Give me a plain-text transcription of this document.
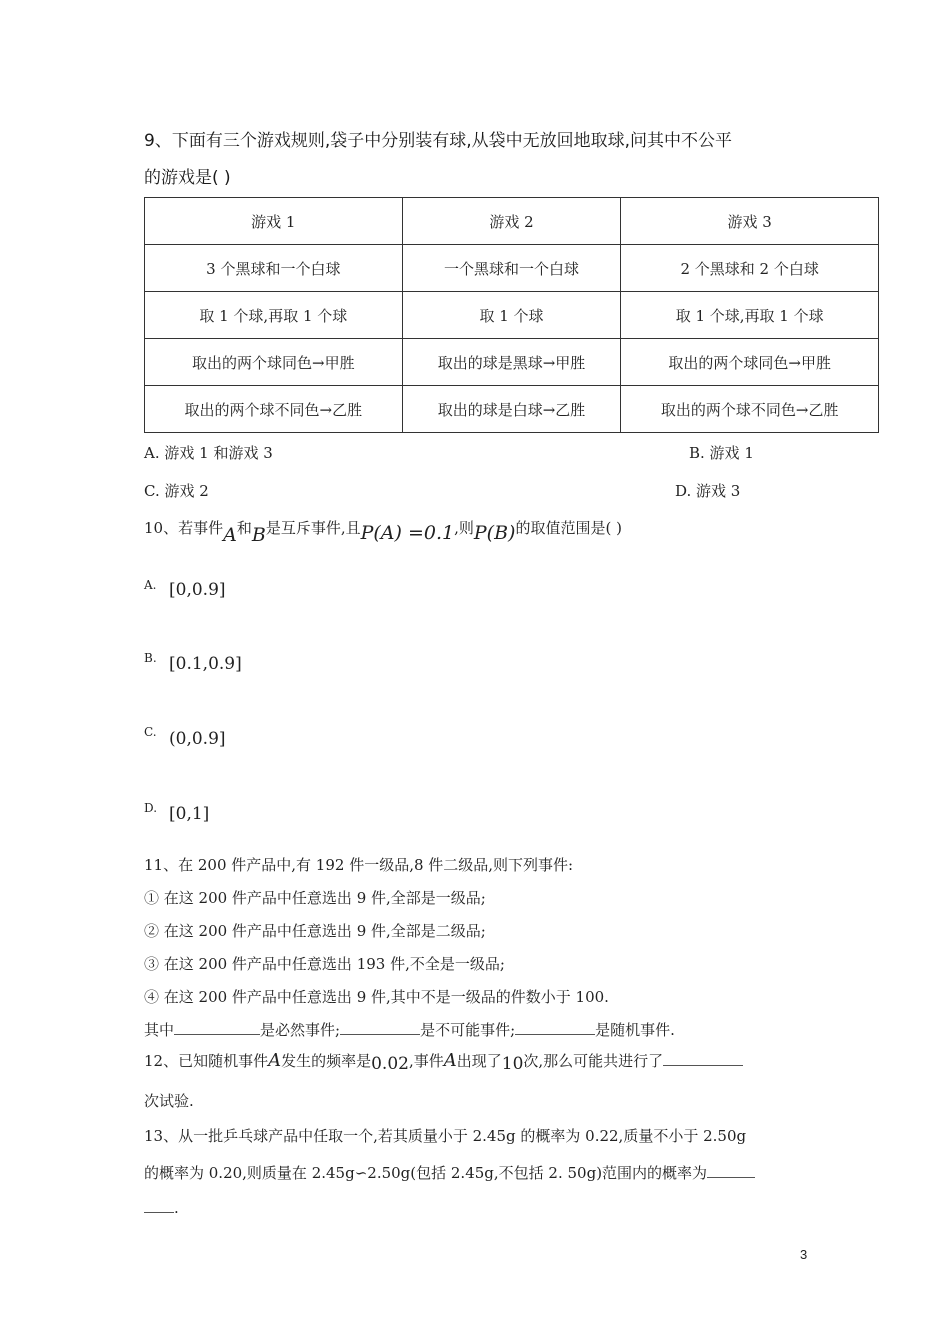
9、下面有三个游戏规则,袋子中分别装有球,从袋中无放回地取球,问其中不公平
的游戏是( )
游戏 1	游戏 2	游戏 3
3 个黑球和一个白球	一个黑球和一个白球	2 个黑球和 2 个白球
取 1 个球,再取 1 个球	取 1 个球	取 1 个球,再取 1 个球
取出的两个球同色→甲胜	取出的球是黑球→甲胜	取出的两个球同色→甲胜
取出的两个球不同色→乙胜	取出的球是白球→乙胜	取出的两个球不同色→乙胜
A. 游戏 1 和游戏 3	B. 游戏 1
C. 游戏 2	D. 游戏 3
10、若事件A和B是互斥事件,且P(A) =0.1,则P(B)的取值范围是( )
A. [0,0.9]
B. [0.1,0.9]
C. (0,0.9]
D. [0,1]
11、在 200 件产品中,有 192 件一级品,8 件二级品,则下列事件:
① 在这 200 件产品中任意选出 9 件,全部是一级品;
② 在这 200 件产品中任意选出 9 件,全部是二级品;
③ 在这 200 件产品中任意选出 193 件,不全是一级品;
④ 在这 200 件产品中任意选出 9 件,其中不是一级品的件数小于 100.
其中	是必然事件;	是不可能事件;	是随机事件.
12、已知随机事件A发生的频率是0.02,事件A出现了10次,那么可能共进行了
次试验.
13、从一批乒乓球产品中任取一个,若其质量小于 2.45g 的概率为 0.22,质量不小于 2.50g
的概率为 0.20,则质量在 2.45g∽2.50g(包括 2.45g,不包括 2. 50g)范围内的概率为
.
3
